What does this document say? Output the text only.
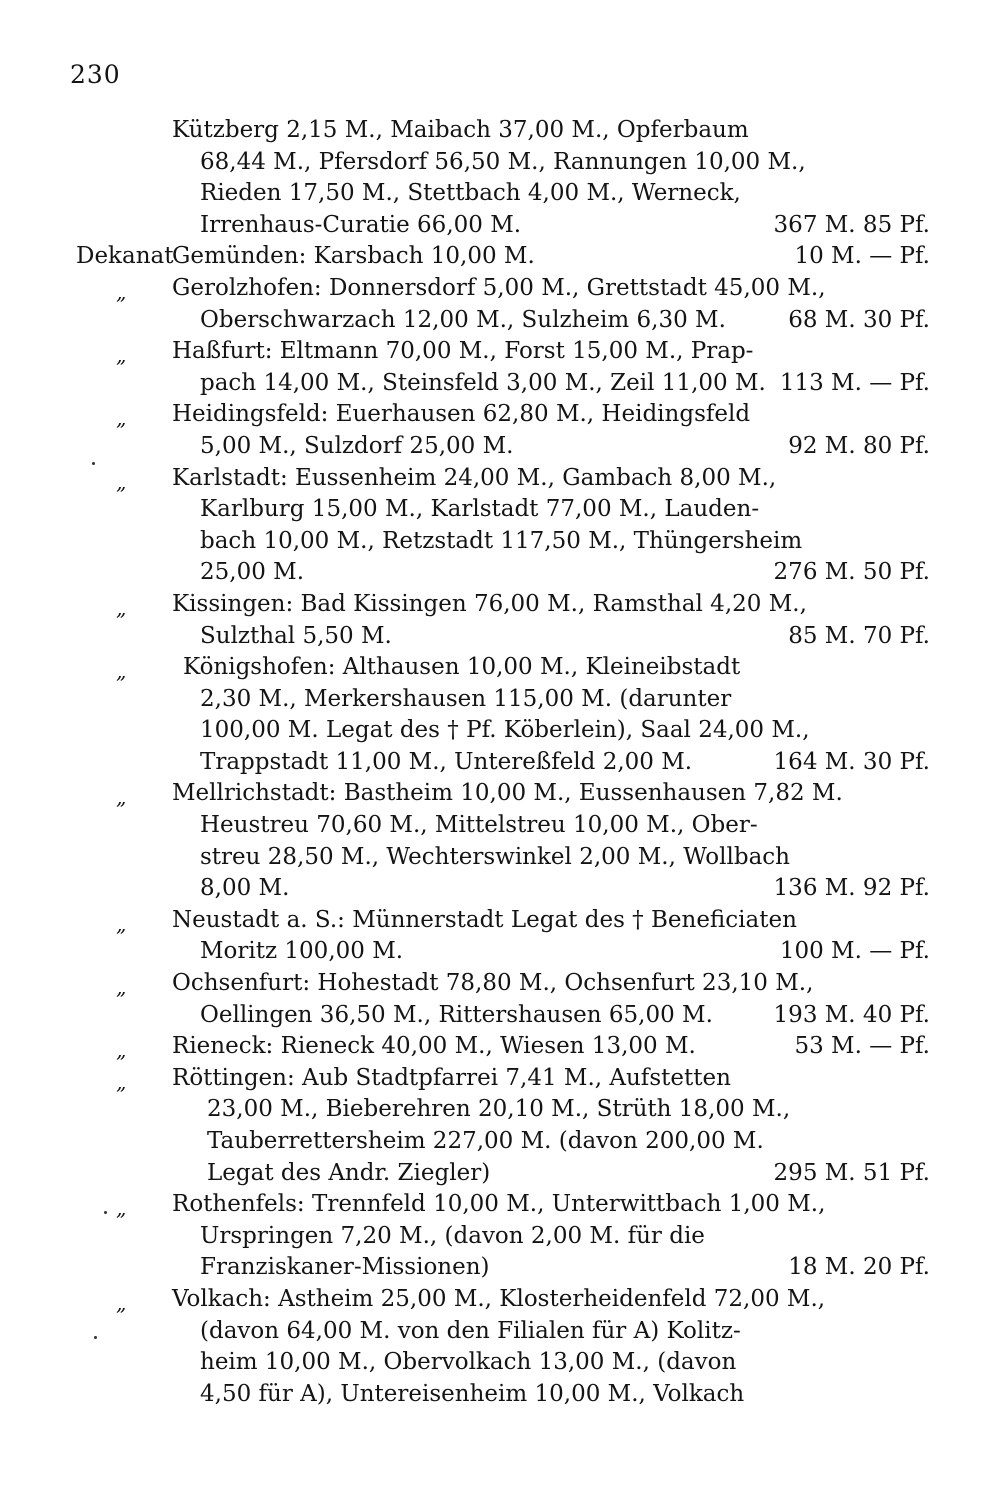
230
Kützberg 2,15 M., Maibach 37,00 M., Opferbaum
68,44 M., Pfersdorf 56,50 M., Rannungen 10,00 M.,
Rieden 17,50 M., Stettbach 4,00 M., Werneck,
Irrenhaus-Curatie 66,00 M.	367 M. 85 Pf.
Dekanat
Gemünden: Karsbach 10,00 M.	10 M. — Pf.
„ Gerolzhofen: Donnersdorf 5,00 M., Grettstadt 45,00 M.,
Oberschwarzach 12,00 M., Sulzheim 6,30 M.	68 M. 30 Pf.
„ Haßfurt: Eltmann 70,00 M., Forst 15,00 M., Prap-
pach 14,00 M., Steinsfeld 3,00 M., Zeil 11,00 M. 113 M. — Pf.
„ Heidingsfeld: Euerhausen 62,80 M., Heidingsfeld
5,00 M., Sulzdorf 25,00 M.	92 M. 80 Pf.
„ Karlstadt: Eussenheim 24,00 M., Gambach 8,00 M.,
Karlburg 15,00 M., Karlstadt 77,00 M., Lauden-
bach 10,00 M., Retzstadt 117,50 M., Thüngersheim
25,00 M.	276 M. 50 Pf.
„ Kissingen: Bad Kissingen 76,00 M., Ramsthal 4,20 M.,
Sulzthal 5,50 M.	85 M. 70 Pf.
„ Königshofen: Althausen 10,00 M., Kleineibstadt
2,30 M., Merkershausen 115,00 M. (darunter
100,00 M. Legat des † Pf. Köberlein), Saal 24,00 M.,
Trappstadt 11,00 M., Untereßfeld 2,00 M.	164 M. 30 Pf.
„ Mellrichstadt: Bastheim 10,00 M., Eussenhausen 7,82 M.
Heustreu 70,60 M., Mittelstreu 10,00 M., Ober-
streu 28,50 M., Wechterswinkel 2,00 M., Wollbach
8,00 M.	136 M. 92 Pf.
„ Neustadt a. S.: Münnerstadt Legat des † Beneficiaten
Moritz 100,00 M.	100 M. — Pf.
„ Ochsenfurt: Hohestadt 78,80 M., Ochsenfurt 23,10 M.,
Oellingen 36,50 M., Rittershausen 65,00 M.	193 M. 40 Pf.
„ Rieneck: Rieneck 40,00 M., Wiesen 13,00 M.	53 M. — Pf.
„ Röttingen: Aub Stadtpfarrei 7,41 M., Aufstetten
23,00 M., Bieberehren 20,10 M., Strüth 18,00 M.,
Tauberrettersheim 227,00 M. (davon 200,00 M.
Legat des Andr. Ziegler)	295 M. 51 Pf.
„ Rothenfels: Trennfeld 10,00 M., Unterwittbach 1,00 M.,
Urspringen 7,20 M., (davon 2,00 M. für die
Franziskaner-Missionen)	18 M. 20 Pf.
„ Volkach: Astheim 25,00 M., Klosterheidenfeld 72,00 M.,
(davon 64,00 M. von den Filialen für A) Kolitz-
heim 10,00 M., Obervolkach 13,00 M., (davon
4,50 für A), Untereisenheim 10,00 M., Volkach
